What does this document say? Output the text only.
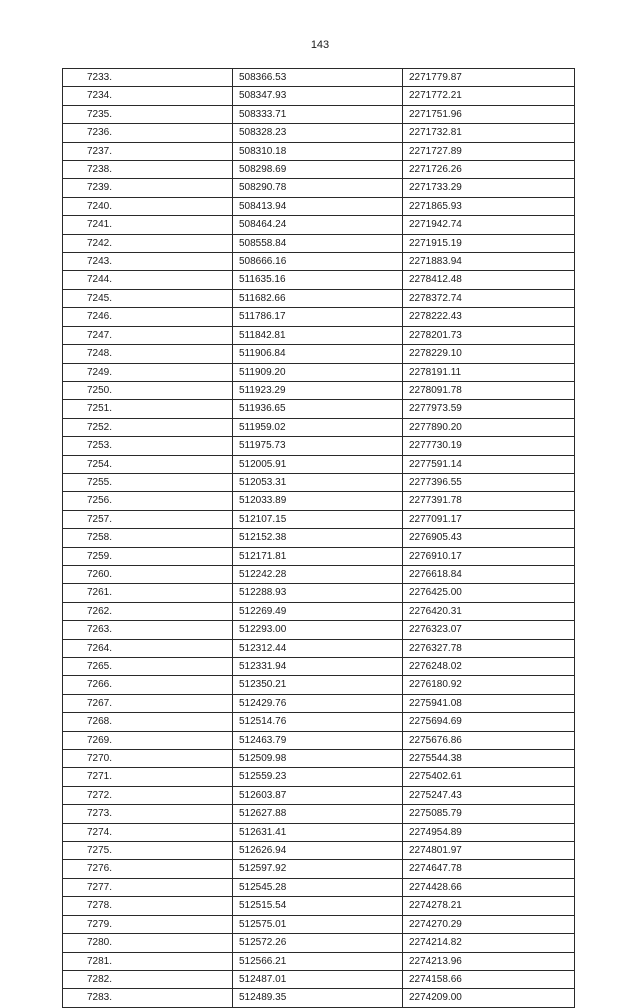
143
7233.	508366.53	2271779.87
7234.	508347.93	2271772.21
7235.	508333.71	2271751.96
7236.	508328.23	2271732.81
7237.	508310.18	2271727.89
7238.	508298.69	2271726.26
7239.	508290.78	2271733.29
7240.	508413.94	2271865.93
7241.	508464.24	2271942.74
7242.	508558.84	2271915.19
7243.	508666.16	2271883.94
7244.	511635.16	2278412.48
7245.	511682.66	2278372.74
7246.	511786.17	2278222.43
7247.	511842.81	2278201.73
7248.	511906.84	2278229.10
7249.	511909.20	2278191.11
7250.	511923.29	2278091.78
7251.	511936.65	2277973.59
7252.	511959.02	2277890.20
7253.	511975.73	2277730.19
7254.	512005.91	2277591.14
7255.	512053.31	2277396.55
7256.	512033.89	2277391.78
7257.	512107.15	2277091.17
7258.	512152.38	2276905.43
7259.	512171.81	2276910.17
7260.	512242.28	2276618.84
7261.	512288.93	2276425.00
7262.	512269.49	2276420.31
7263.	512293.00	2276323.07
7264.	512312.44	2276327.78
7265.	512331.94	2276248.02
7266.	512350.21	2276180.92
7267.	512429.76	2275941.08
7268.	512514.76	2275694.69
7269.	512463.79	2275676.86
7270.	512509.98	2275544.38
7271.	512559.23	2275402.61
7272.	512603.87	2275247.43
7273.	512627.88	2275085.79
7274.	512631.41	2274954.89
7275.	512626.94	2274801.97
7276.	512597.92	2274647.78
7277.	512545.28	2274428.66
7278.	512515.54	2274278.21
7279.	512575.01	2274270.29
7280.	512572.26	2274214.82
7281.	512566.21	2274213.96
7282.	512487.01	2274158.66
7283.	512489.35	2274209.00
